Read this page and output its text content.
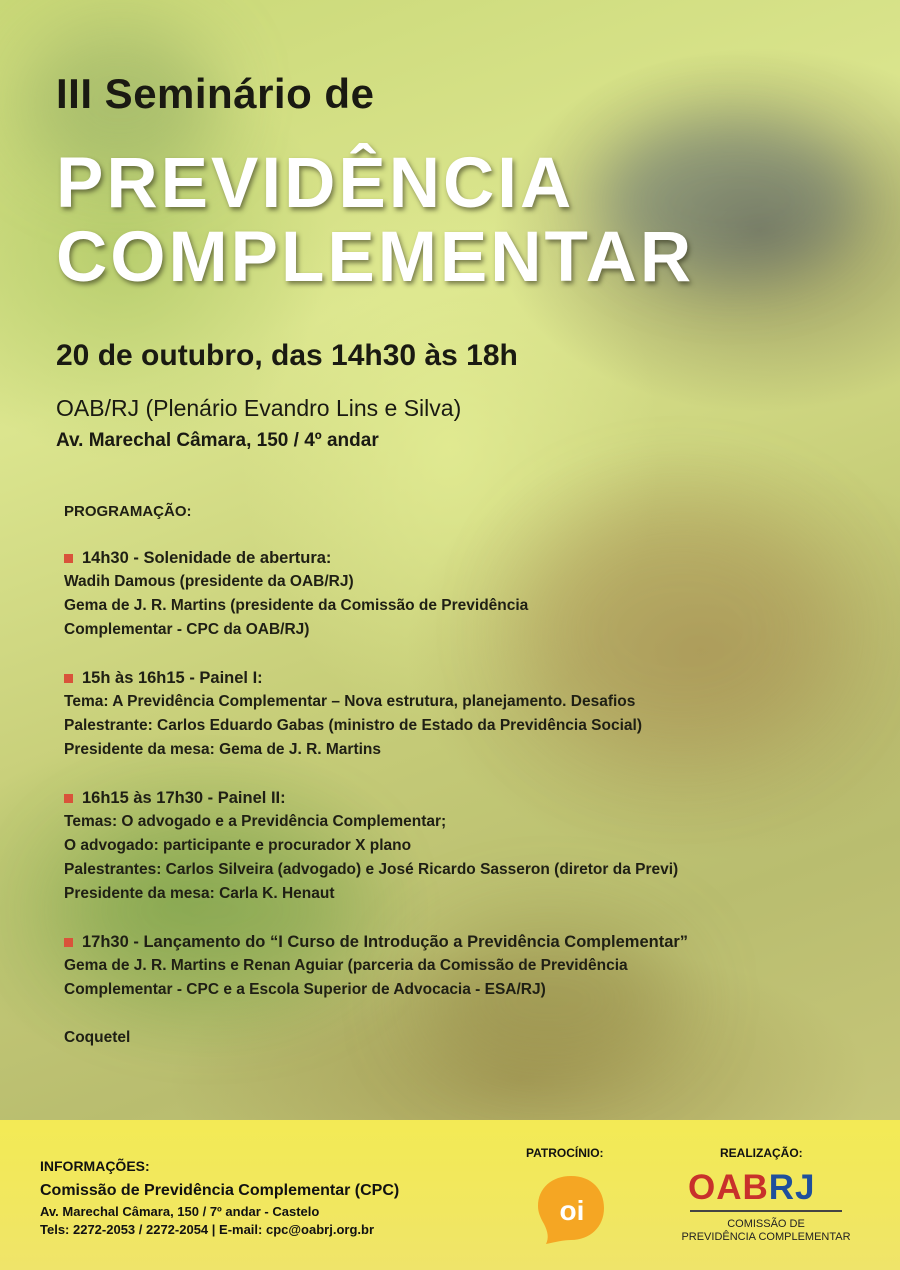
III Seminário de
PREVIDÊNCIA
COMPLEMENTAR

20 de outubro, das 14h30 às 18h

OAB/RJ (Plenário Evandro Lins e Silva)

Av. Marechal Câmara, 150 / 4º andar

PROGRAMAÇÃO:

14h30 - Solenidade de abertura:
Wadih Damous (presidente da OAB/RJ)
Gema de J. R. Martins (presidente da Comissão de Previdência
Complementar - CPC da OAB/RJ)
15h às 16h15 - Painel I:
Tema: A Previdência Complementar – Nova estrutura, planejamento. Desafios
Palestrante: Carlos Eduardo Gabas (ministro de Estado da Previdência Social)
Presidente da mesa: Gema de J. R. Martins
16h15 às 17h30 - Painel II:
Temas: O advogado e a Previdência Complementar;
O advogado: participante e procurador X plano
Palestrantes: Carlos Silveira (advogado) e José Ricardo Sasseron (diretor da Previ)
Presidente da mesa: Carla K. Henaut
17h30 - Lançamento do “I Curso de Introdução a Previdência Complementar”
Gema de J. R. Martins e Renan Aguiar (parceria da Comissão de Previdência
Complementar - CPC e a Escola Superior de Advocacia - ESA/RJ)

Coquetel

INFORMAÇÕES:

Comissão de Previdência Complementar (CPC)

Av. Marechal Câmara, 150 / 7º andar - Castelo

Tels: 2272-2053 / 2272-2054 | E-mail: cpc@oabrj.org.br

PATROCÍNIO:

oi

REALIZAÇÃO:

OABRJ

COMISSÃO DE
PREVIDÊNCIA COMPLEMENTAR
